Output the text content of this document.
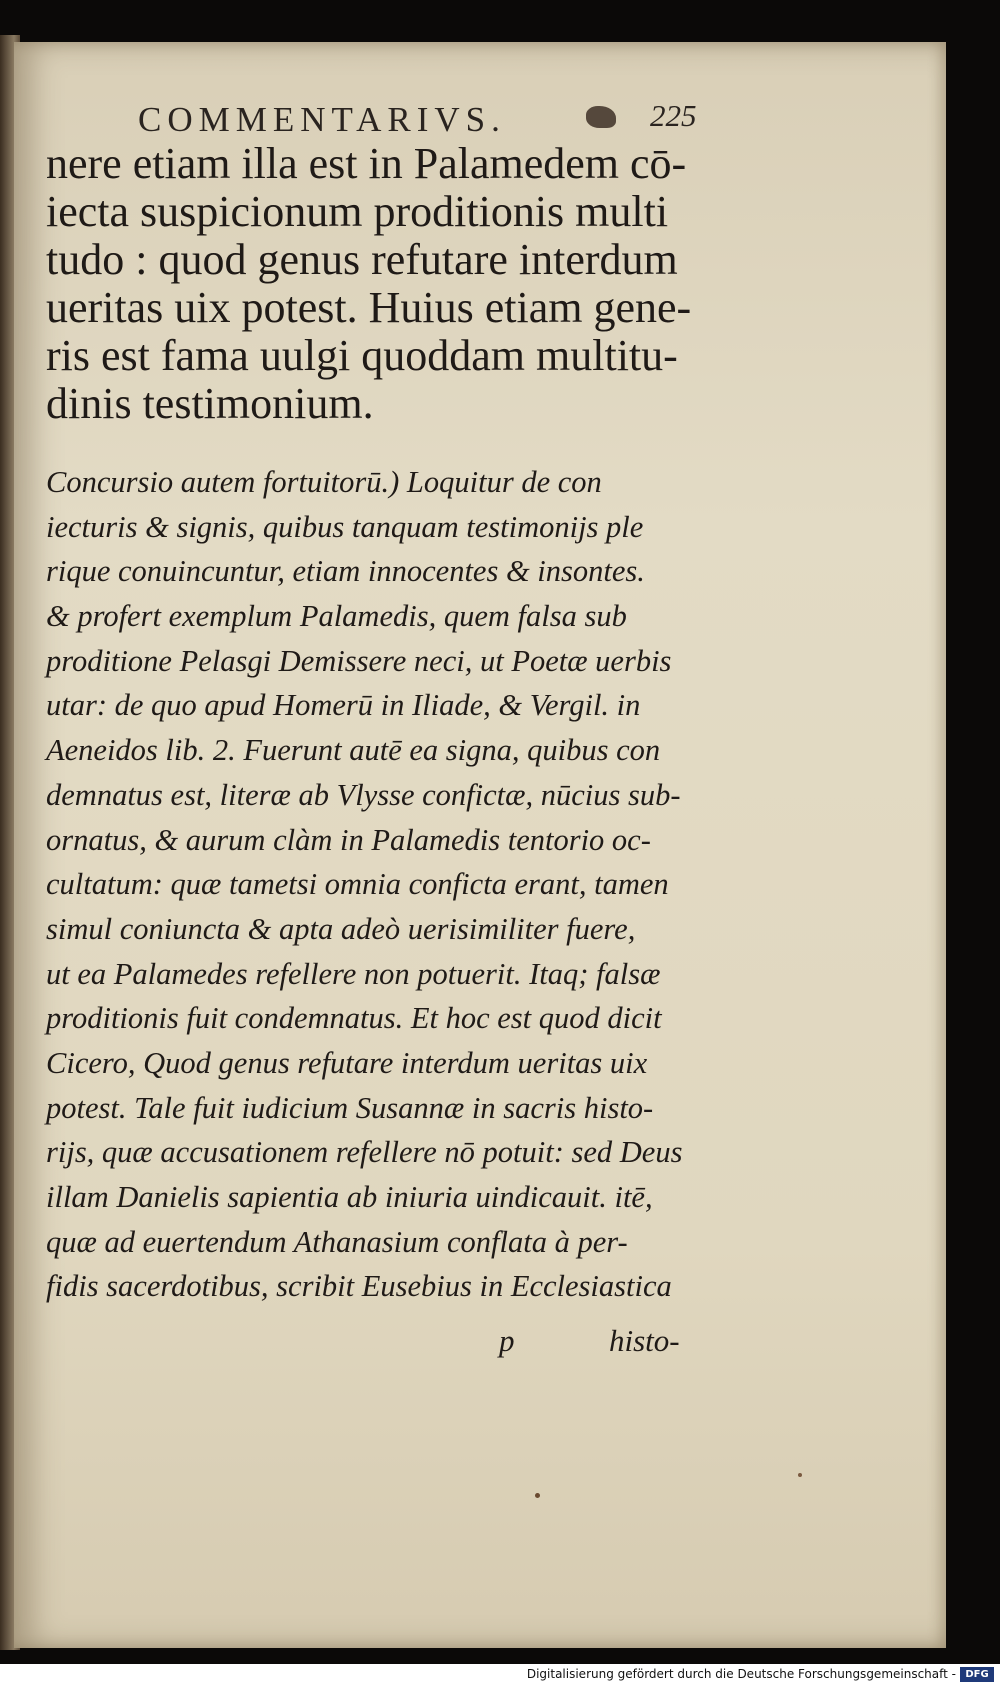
COMMENTARIVS.	225
nere etiam illa est in Palamedem cō-
iecta suspicionum proditionis multi
tudo : quod genus refutare interdum
ueritas uix potest. Huius etiam gene-
ris est fama uulgi quoddam multitu-
dinis testimonium.
Concursio autem fortuitorū.) Loquitur de con
iecturis & signis, quibus tanquam testimonijs ple
rique conuincuntur, etiam innocentes & insontes.
& profert exemplum Palamedis, quem falsa sub
proditione Pelasgi Demissere neci, ut Poetæ uerbis
utar: de quo apud Homerū in Iliade, & Vergil. in
Aeneidos lib. 2. Fuerunt autē ea signa, quibus con
demnatus est, literæ ab Vlysse confictæ, nūcius sub-
ornatus, & aurum clàm in Palamedis tentorio oc-
cultatum: quæ tametsi omnia conficta erant, tamen
simul coniuncta & apta adeò uerisimiliter fuere,
ut ea Palamedes refellere non potuerit. Itaq; falsæ
proditionis fuit condemnatus. Et hoc est quod dicit
Cicero, Quod genus refutare interdum ueritas uix
potest. Tale fuit iudicium Susannæ in sacris histo-
rijs, quæ accusationem refellere nō potuit: sed Deus
illam Danielis sapientia ab iniuria uindicauit. itē,
quæ ad euertendum Athanasium conflata à per-
fidis sacerdotibus, scribit Eusebius in Ecclesiastica
p	histo-
Digitalisierung gefördert durch die Deutsche Forschungsgemeinschaft - DFG
